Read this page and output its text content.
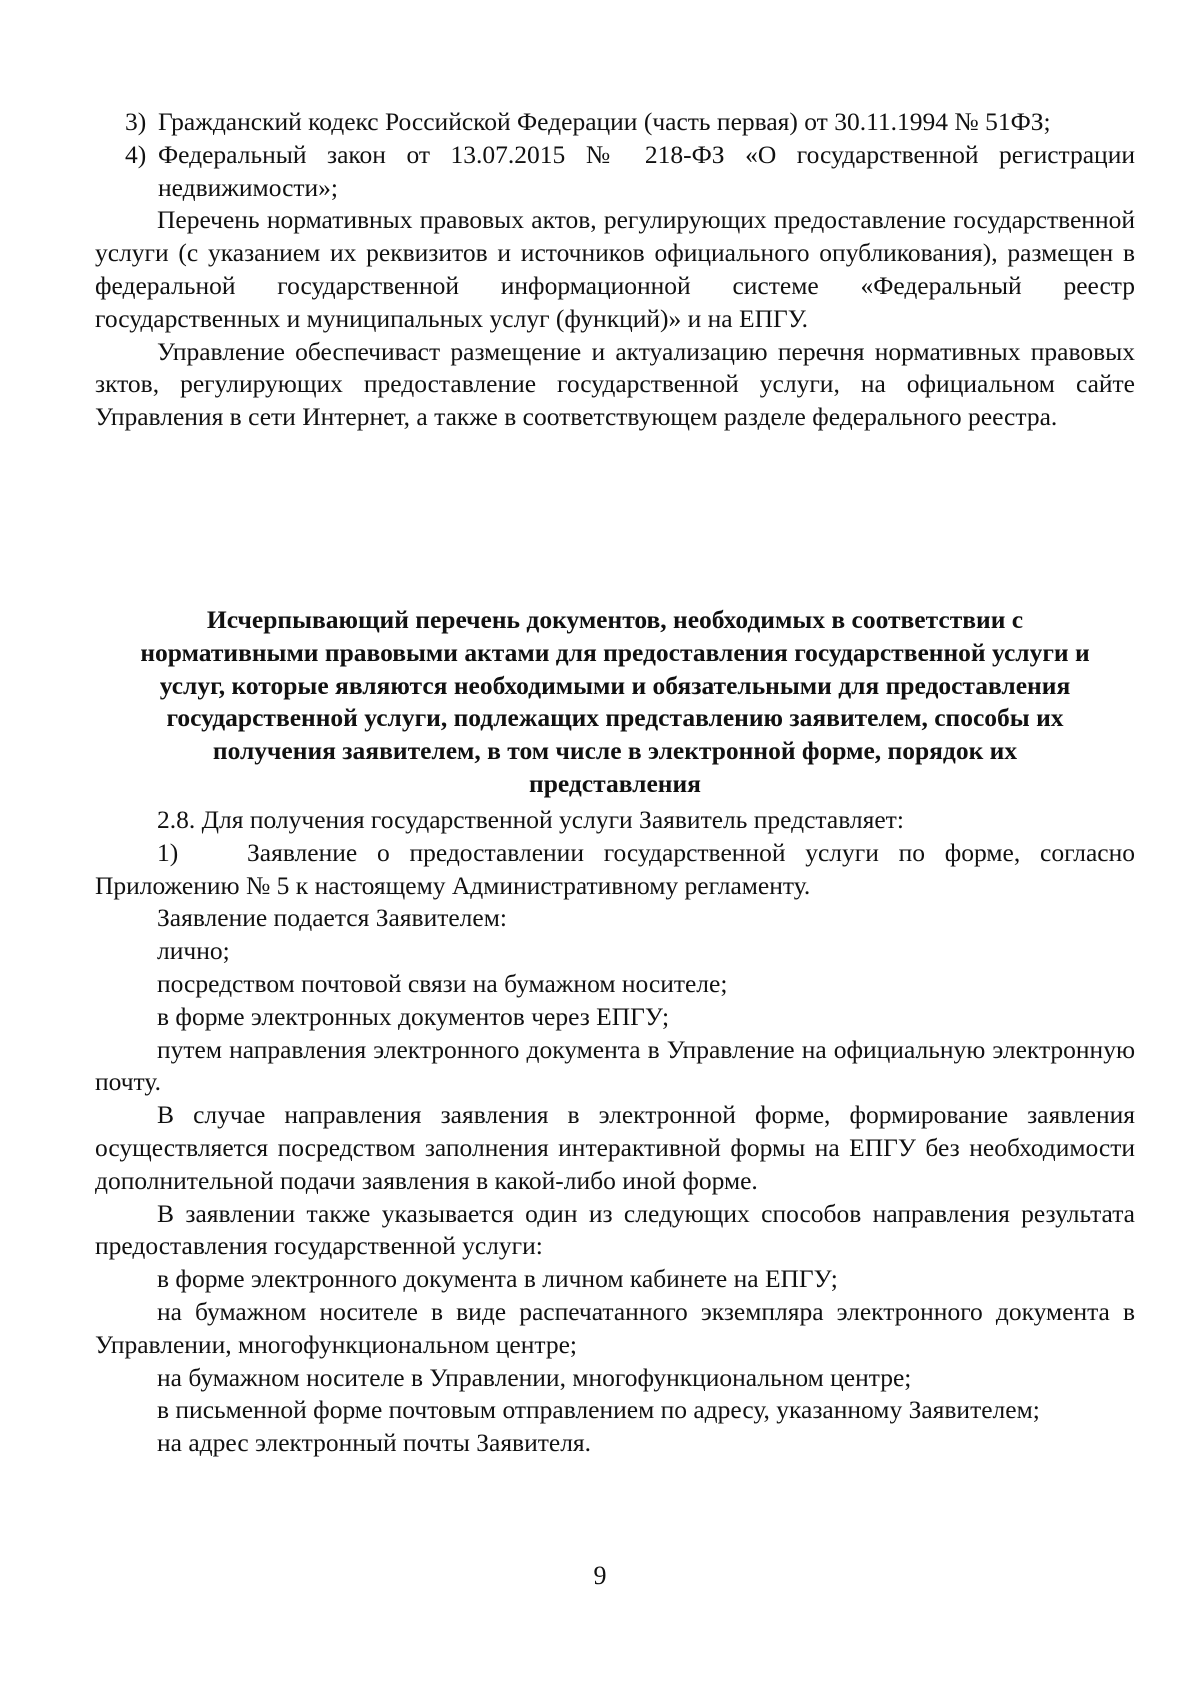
3) Гражданский кодекс Российской Федерации (часть первая) от 30.11.1994 № 51ФЗ;
4) Федеральный закон от 13.07.2015 № 218-ФЗ «О государственной регистрации недвижимости»;

Перечень нормативных правовых актов, регулирующих предоставление государственной услуги (с указанием их реквизитов и источников официального опубликования), размещен в федеральной государственной информационной системе «Федеральный реестр государственных и муниципальных услуг (функций)» и на ЕПГУ.

Управление обеспечиваст размещение и актуализацию перечня нормативных правовых зктов, регулирующих предоставление государственной услуги, на официальном сайте Управления в сети Интернет, а также в соответствующем разделе федерального реестра.

Исчерпывающий перечень документов, необходимых в соответствии с нормативными правовыми актами для предоставления государственной услуги и услуг, которые являются необходимыми и обязательными для предоставления государственной услуги, подлежащих представлению заявителем, способы их получения заявителем, в том числе в электронной форме, порядок их представления

2.8. Для получения государственной услуги Заявитель представляет:

1)	Заявление о предоставлении государственной услуги по форме, согласно

Приложению № 5 к настоящему Административному регламенту.

Заявление подается Заявителем:

лично;

посредством почтовой связи на бумажном носителе;

в форме электронных документов через ЕПГУ;

путем направления электронного документа в Управление на официальную электронную почту.

В случае направления заявления в электронной форме, формирование заявления осуществляется посредством заполнения интерактивной формы на ЕПГУ без необходимости дополнительной подачи заявления в какой-либо иной форме.

В заявлении также указывается один из следующих способов направления результата предоставления государственной услуги:

в форме электронного документа в личном кабинете на ЕПГУ;

на бумажном носителе в виде распечатанного экземпляра электронного документа в Управлении, многофункциональном центре;

на бумажном носителе в Управлении, многофункциональном центре;

в письменной форме почтовым отправлением по адресу, указанному Заявителем;

на адрес электронный почты Заявителя.

9
